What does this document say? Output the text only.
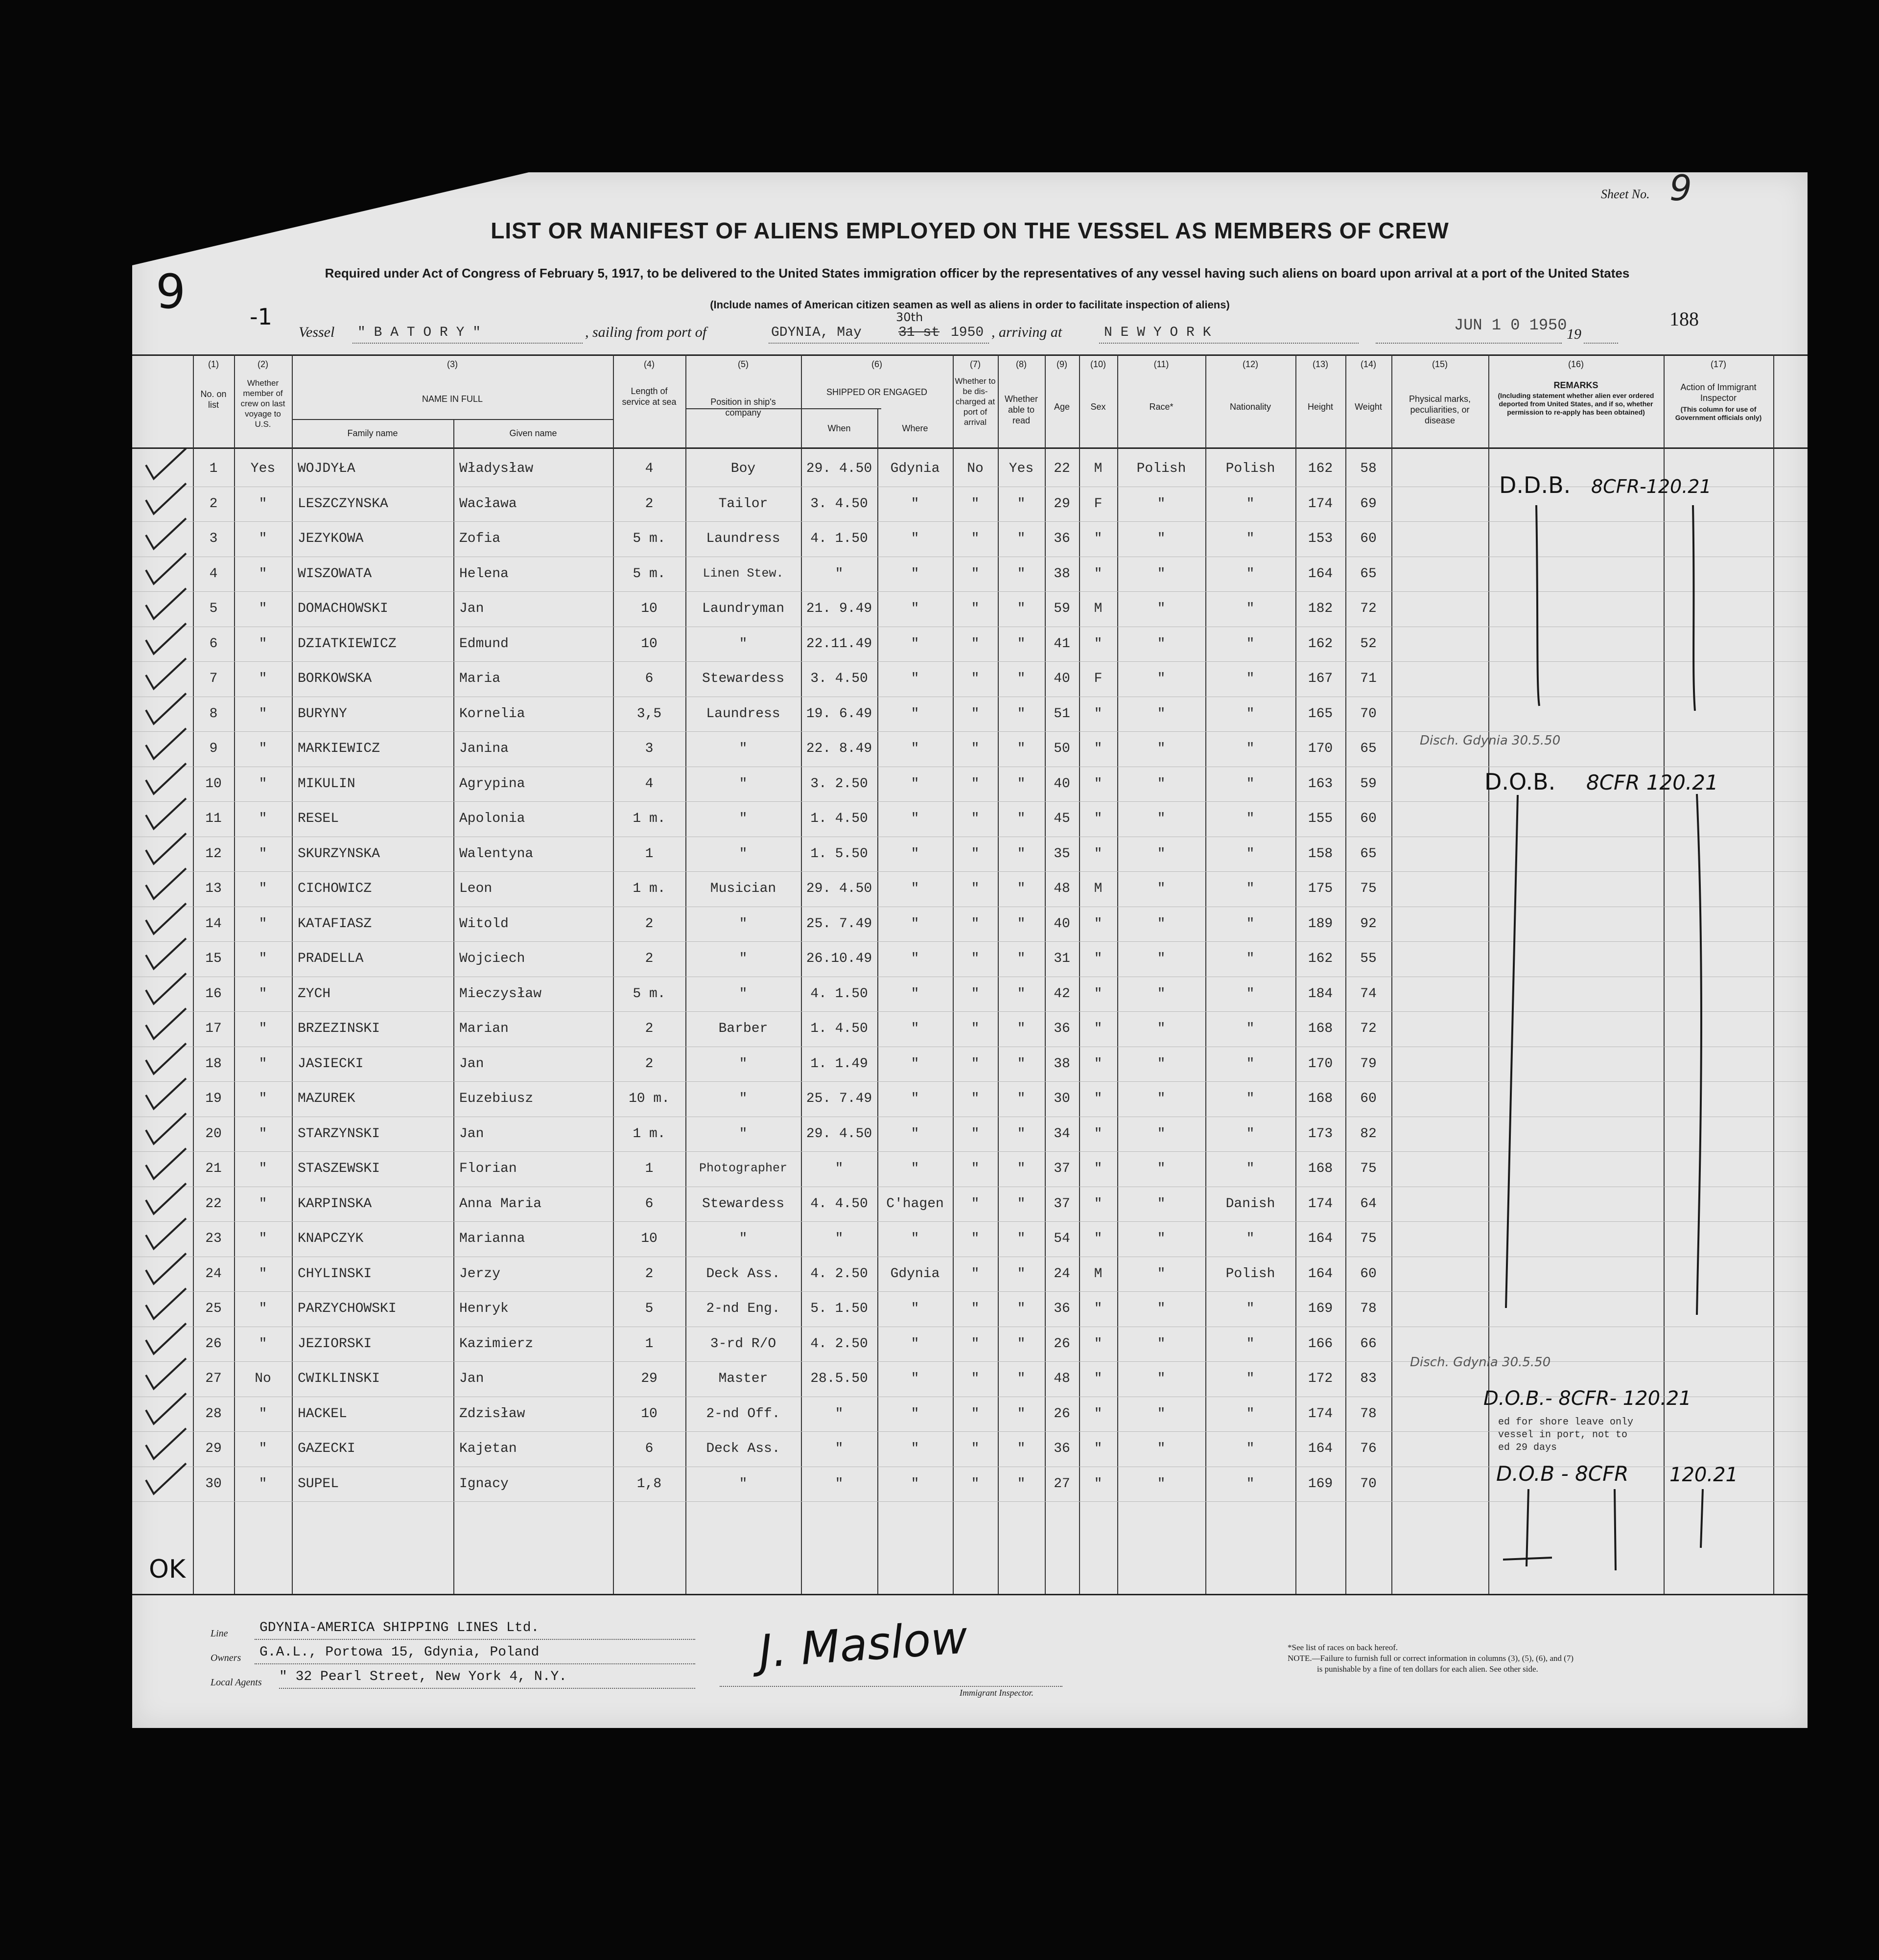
Sheet No. 9
LIST OR MANIFEST OF ALIENS EMPLOYED ON THE VESSEL AS MEMBERS OF CREW
Required under Act of Congress of February 5, 1917, to be delivered to the United States immigration officer by the representatives of any vessel having such aliens on board upon arrival at a port of the United States
(Include names of American citizen seamen as well as aliens in order to facilitate inspection of aliens)
9	-1
Vessel " B A T O R Y "	, sailing from port of	GDYNIA, May	31 st
30th
1950 , arriving at	N E W Y O R K	JUN 1 0 1950 19
188
(1)	(2)	(3)	(4)	(5)	(6)	(7)	(8)	(9)	(10)	(11)	(12)	(13)	(14)	(15)	(16)	(17)
No. on list
Whether member of crew on last voyage to U.S.
NAME IN FULL
Family name	Given name
Length of service at sea	Position in ship's company
SHIPPED OR ENGAGED
When	Where
Whether to be dis-charged at port of arrival
Whether able to read
Age	Sex	Race*	Nationality	Height	Weight
Physical marks, peculiarities, or disease
REMARKS
(Including statement whether alien ever ordered deported from United States, and if so, whether permission to re-apply has been obtained)
Action of Immigrant Inspector
(This column for use of Government officials only)
1	Yes	WOJDYŁA	Władysław	4	Boy	29. 4.50	Gdynia	No	Yes	22	M	Polish	Polish	162	58
2	"	LESZCZYNSKA	Wacława	2	Tailor	3. 4.50	"	"	"	29	F	"	"	174	69
3	"	JEZYKOWA	Zofia	5 m.	Laundress	4. 1.50	"	"	"	36	"	"	"	153	60
4	"	WISZOWATA	Helena	5 m.	Linen Stew.	"	"	"	"	38	"	"	"	164	65
5	"	DOMACHOWSKI	Jan	10	Laundryman	21. 9.49	"	"	"	59	M	"	"	182	72
6	"	DZIATKIEWICZ	Edmund	10	"	22.11.49	"	"	"	41	"	"	"	162	52
7	"	BORKOWSKA	Maria	6	Stewardess	3. 4.50	"	"	"	40	F	"	"	167	71
8	"	BURYNY	Kornelia	3,5	Laundress	19. 6.49	"	"	"	51	"	"	"	165	70
9	"	MARKIEWICZ	Janina	3	"	22. 8.49	"	"	"	50	"	"	"	170	65
10	"	MIKULIN	Agrypina	4	"	3. 2.50	"	"	"	40	"	"	"	163	59
11	"	RESEL	Apolonia	1 m.	"	1. 4.50	"	"	"	45	"	"	"	155	60
12	"	SKURZYNSKA	Walentyna	1	"	1. 5.50	"	"	"	35	"	"	"	158	65
13	"	CICHOWICZ	Leon	1 m.	Musician	29. 4.50	"	"	"	48	M	"	"	175	75
14	"	KATAFIASZ	Witold	2	"	25. 7.49	"	"	"	40	"	"	"	189	92
15	"	PRADELLA	Wojciech	2	"	26.10.49	"	"	"	31	"	"	"	162	55
16	"	ZYCH	Mieczysław	5 m.	"	4. 1.50	"	"	"	42	"	"	"	184	74
17	"	BRZEZINSKI	Marian	2	Barber	1. 4.50	"	"	"	36	"	"	"	168	72
18	"	JASIECKI	Jan	2	"	1. 1.49	"	"	"	38	"	"	"	170	79
19	"	MAZUREK	Euzebiusz	10 m.	"	25. 7.49	"	"	"	30	"	"	"	168	60
20	"	STARZYNSKI	Jan	1 m.	"	29. 4.50	"	"	"	34	"	"	"	173	82
21	"	STASZEWSKI	Florian	1	Photographer	"	"	"	"	37	"	"	"	168	75
22	"	KARPINSKA	Anna Maria	6	Stewardess	4. 4.50	C'hagen	"	"	37	"	"	Danish	174	64
23	"	KNAPCZYK	Marianna	10	"	"	"	"	"	54	"	"	"	164	75
24	"	CHYLINSKI	Jerzy	2	Deck Ass.	4. 2.50	Gdynia	"	"	24	M	"	Polish	164	60
25	"	PARZYCHOWSKI	Henryk	5	2-nd Eng.	5. 1.50	"	"	"	36	"	"	"	169	78
26	"	JEZIORSKI	Kazimierz	1	3-rd R/O	4. 2.50	"	"	"	26	"	"	"	166	66
27	No	CWIKLINSKI	Jan	29	Master	28.5.50	"	"	"	48	"	"	"	172	83
28	"	HACKEL	Zdzisław	10	2-nd Off.	"	"	"	"	26	"	"	"	174	78
29	"	GAZECKI	Kajetan	6	Deck Ass.	"	"	"	"	36	"	"	"	164	76
30	"	SUPEL	Ignacy	1,8	"	"	"	"	"	27	"	"	"	169	70
D.D.B. 8CFR-120.21
Disch. Gdynia 30.5.50
D.O.B. 8CFR 120.21
Disch. Gdynia 30.5.50
D.O.B.- 8CFR- 120.21
ed for shore leave only
vessel in port, not to
ed 29 days
D.O.B - 8CFR 120.21
OK
Line GDYNIA-AMERICA SHIPPING LINES Ltd.
Owners G.A.L., Portowa 15, Gdynia, Poland
Local Agents " 32 Pearl Street, New York 4, N.Y.	J. Maslow
Immigrant Inspector.
*See list of races on back hereof.
NOTE.—Failure to furnish full or correct information in columns (3), (5), (6), and (7)
is punishable by a fine of ten dollars for each alien. See other side.
